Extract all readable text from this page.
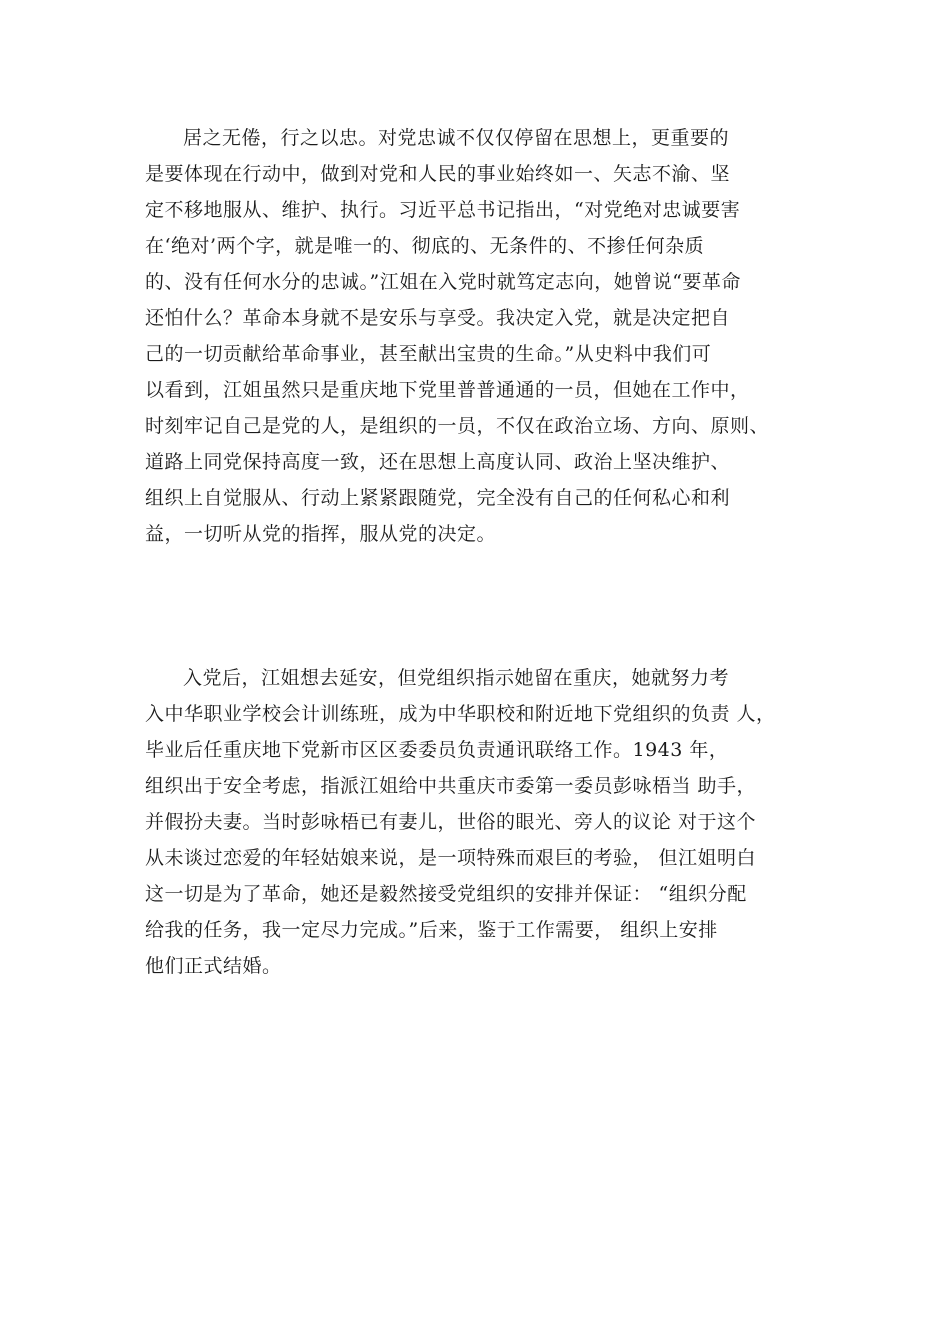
居之无倦，行之以忠。对党忠诚不仅仅停留在思想上，更重要的
是要体现在行动中，做到对党和人民的事业始终如一、矢志不渝、坚
定不移地服从、维护、执行。习近平总书记指出，“对党绝对忠诚要害
在‘绝对’两个字，就是唯一的、彻底的、无条件的、不掺任何杂质
的、没有任何水分的忠诚。”江姐在入党时就笃定志向，她曾说“要革命
还怕什么？革命本身就不是安乐与享受。我决定入党，就是决定把自
己的一切贡献给革命事业，甚至献出宝贵的生命。”从史料中我们可
以看到，江姐虽然只是重庆地下党里普普通通的一员，但她在工作中，
时刻牢记自己是党的人，是组织的一员，不仅在政治立场、方向、原则、
道路上同党保持高度一致，还在思想上高度认同、政治上坚决维护、
组织上自觉服从、行动上紧紧跟随党，完全没有自己的任何私心和利
益，一切听从党的指挥，服从党的决定。
入党后，江姐想去延安，但党组织指示她留在重庆，她就努力考
入中华职业学校会计训练班，成为中华职校和附近地下党组织的负责 人，
毕业后任重庆地下党新市区区委委员负责通讯联络工作。1943 年，
组织出于安全考虑，指派江姐给中共重庆市委第一委员彭咏梧当 助手，
并假扮夫妻。当时彭咏梧已有妻儿，世俗的眼光、旁人的议论 对于这个
从未谈过恋爱的年轻姑娘来说，是一项特殊而艰巨的考验， 但江姐明白
这一切是为了革命，她还是毅然接受党组织的安排并保证： “组织分配
给我的任务，我一定尽力完成。”后来，鉴于工作需要， 组织上安排
他们正式结婚。
